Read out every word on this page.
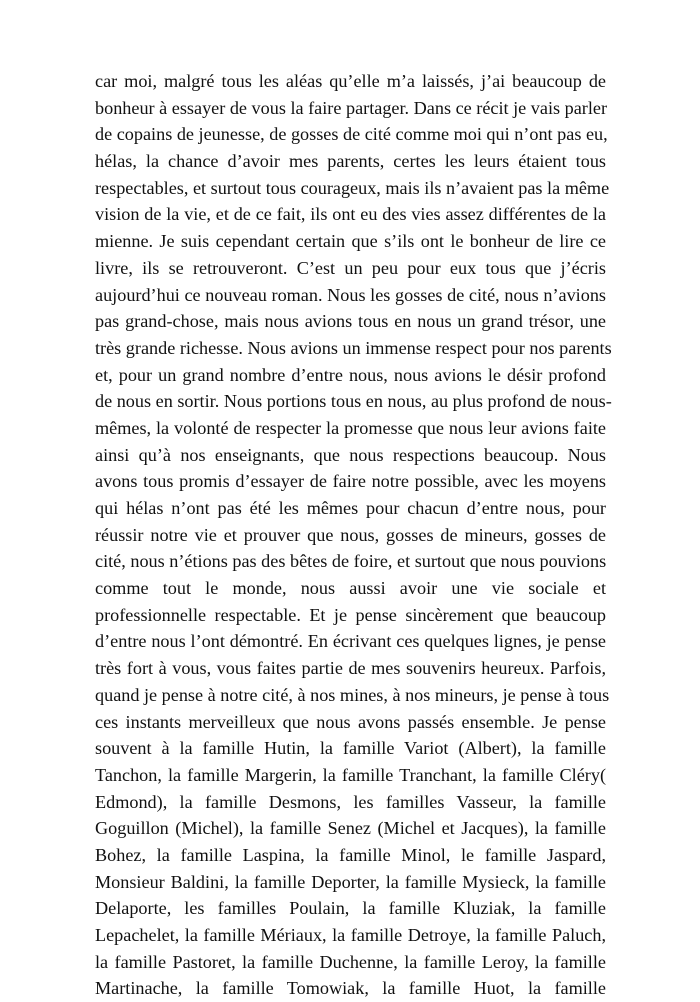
car moi, malgré tous les aléas qu’elle m’a laissés, j’ai beaucoup de
bonheur à essayer de vous la faire partager. Dans ce récit je vais parler
de copains de jeunesse, de gosses de cité comme moi qui n’ont pas eu,
hélas, la chance d’avoir mes parents, certes les leurs étaient tous
respectables, et surtout tous courageux, mais ils n’avaient pas la même
vision de la vie, et de ce fait, ils ont eu des vies assez différentes de la
mienne. Je suis cependant certain que s’ils ont le bonheur de lire ce
livre, ils se retrouveront. C’est un peu pour eux tous que j’écris
aujourd’hui ce nouveau roman. Nous les gosses de cité, nous n’avions
pas grand-chose, mais nous avions tous en nous un grand trésor, une
très grande richesse. Nous avions un immense respect pour nos parents
et, pour un grand nombre d’entre nous, nous avions le désir profond
de nous en sortir. Nous portions tous en nous, au plus profond de nous-
mêmes, la volonté de respecter la promesse que nous leur avions faite
ainsi qu’à nos enseignants, que nous respections beaucoup. Nous
avons tous promis d’essayer de faire notre possible, avec les moyens
qui hélas n’ont pas été les mêmes pour chacun d’entre nous, pour
réussir notre vie et prouver que nous, gosses de mineurs, gosses de
cité, nous n’étions pas des bêtes de foire, et surtout que nous pouvions
comme tout le monde, nous aussi avoir une vie sociale et
professionnelle respectable. Et je pense sincèrement que beaucoup
d’entre nous l’ont démontré. En écrivant ces quelques lignes, je pense
très fort à vous, vous faites partie de mes souvenirs heureux. Parfois,
quand je pense à notre cité, à nos mines, à nos mineurs, je pense à tous
ces instants merveilleux que nous avons passés ensemble. Je pense
souvent à la famille Hutin, la famille Variot (Albert), la famille
Tanchon, la famille Margerin, la famille Tranchant, la famille Cléry(
Edmond), la famille Desmons, les familles Vasseur, la famille
Goguillon (Michel), la famille Senez (Michel et Jacques), la famille
Bohez, la famille Laspina, la famille Minol, le famille Jaspard,
Monsieur Baldini, la famille Deporter, la famille Mysieck, la famille
Delaporte, les familles Poulain, la famille Kluziak, la famille
Lepachelet, la famille Mériaux, la famille Detroye, la famille Paluch,
la famille Pastoret, la famille Duchenne, la famille Leroy, la famille
Martinache, la famille Tomowiak, la famille Huot, la famille
